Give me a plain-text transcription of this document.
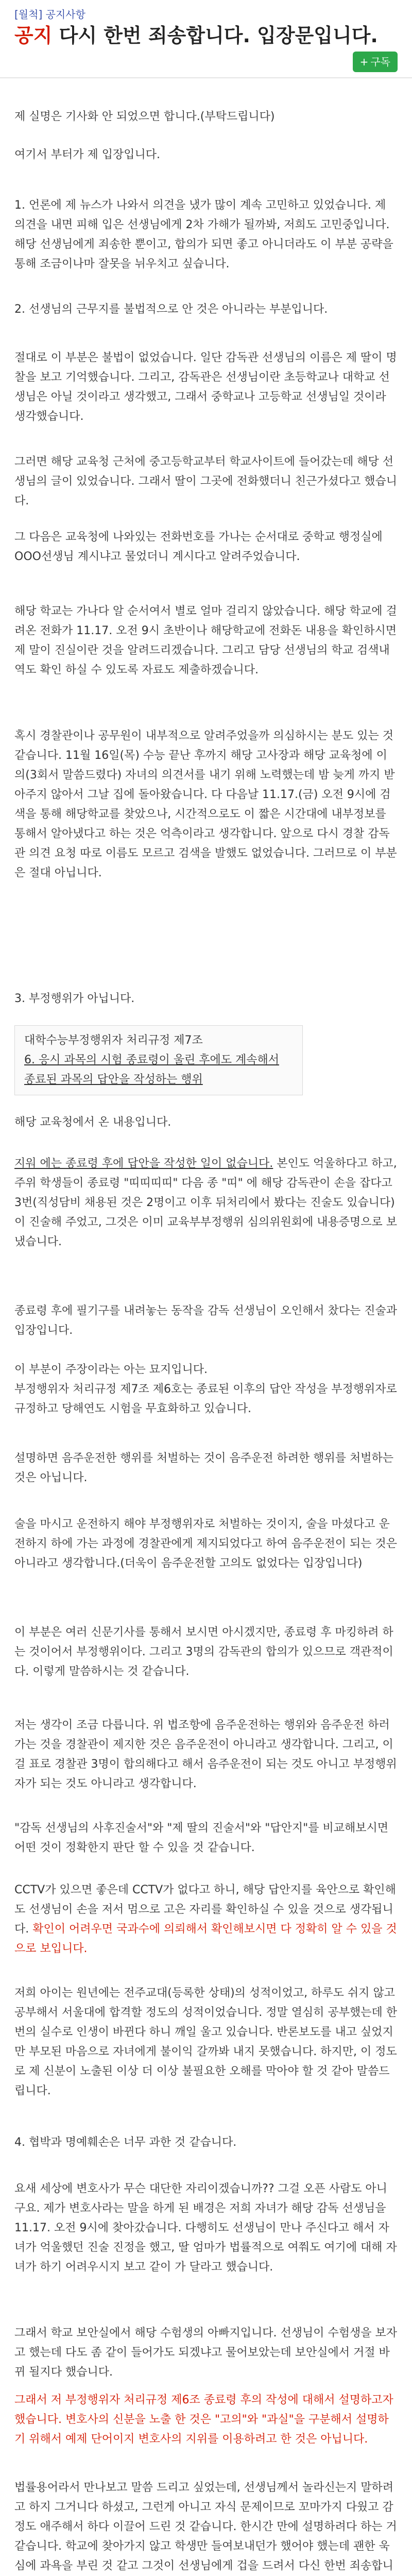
[월척] 공지사항
공지 다시 한번 죄송합니다. 입장문입니다.
+ 구독
제 실명은 기사화 안 되었으면 합니다.(부탁드립니다)
여기서 부터가 제 입장입니다.
1. 언론에 제 뉴스가 나와서 의견을 냈가 많이 계속 고민하고 있었습니다. 제 의견을 내면 피해 입은 선생님에게 2차 가해가 될까봐, 저희도 고민중입니다. 해당 선생님에게 죄송한 뿐이고, 합의가 되면 좋고 아니더라도 이 부분 공략을 통해 조금이나마 잘못을 뉘우치고 싶습니다.
2. 선생님의 근무지를 불법적으로 안 것은 아니라는 부분입니다.
절대로 이 부분은 불법이 없었습니다. 일단 감독관 선생님의 이름은 제 딸이 명찰을 보고 기억했습니다. 그리고, 감독관은 선생님이란 초등학교나 대학교 선생님은 아닐 것이라고 생각했고, 그래서 중학교나 고등학교 선생님일 것이라 생각했습니다.
그러면 해당 교육청 근처에 중고등학교부터 학교사이트에 들어갔는데 해당 선생님의 글이 있었습니다. 그래서 딸이 그곳에 전화했더니 친근가셨다고 했습니다.
그 다음은 교육청에 나와있는 전화번호를 가나는 순서대로 중학교 행정실에 OOO선생님 계시냐고 물었더니 계시다고 알려주었습니다.
해당 학교는 가나다 알 순서여서 별로 얼마 걸리지 않았습니다. 해당 학교에 걸려온 전화가 11.17. 오전 9시 초반이나 해당학교에 전화돈 내용을 확인하시면 제 말이 진실이란 것을 알려드리겠습니다. 그리고 담당 선생님의 학교 검색내역도 확인 하실 수 있도록 자료도 제출하겠습니다.
혹시 경찰관이나 공무원이 내부적으로 알려주었을까 의심하시는 분도 있는 것 같습니다. 11월 16일(목) 수능 끝난 후까지 해당 고사장과 해당 교육청에 이의(3회서 말씀드렸다) 자녀의 의견서를 내기 위해 노력했는데 밤 늦게 까지 받아주지 않아서 그날 집에 돌아왔습니다. 다 다음날 11.17.(금) 오전 9시에 검색을 통해 해당학교를 찾았으나, 시간적으로도 이 짧은 시간대에 내부정보를 통해서 알아냈다고 하는 것은 억측이라고 생각합니다. 앞으로 다시 경찰 감독관 의견 요청 따로 이름도 모르고 검색을 발했도 없었습니다. 그러므로 이 부분은 절대 아닙니다.
3. 부정행위가 아닙니다.
대학수능부정행위자 처리규정 제7조
6. 응시 과목의 시험 종료령이 울린 후에도 계속해서 종료된 과목의 답안을 작성하는 행위
해당 교육청에서 온 내용입니다.
지워 에는 종료령 후에 답안을 작성한 일이 없습니다. 본인도 억울하다고 하고, 주위 학생들이 종료령 "띠띠띠띠" 다음 종 "띠" 에 해당 감독관이 손을 잡다고 3번(직성담비 채용된 것은 2명이고 이후 뒤처리에서 봤다는 진술도 있습니다)이 진술해 주었고, 그것은 이미 교육부부정행위 심의위원회에 내용증명으로 보냈습니다.
종료령 후에 필기구를 내려놓는 동작을 감독 선생님이 오인해서 찼다는 진술과 입장입니다.
이 부분이 주장이라는 아는 묘지입니다.
부정행위자 처리규정 제7조 제6호는 종료된 이후의 답안 작성을 부정행위자로 규정하고 당해연도 시험을 무효화하고 있습니다.
설명하면 음주운전한 행위를 처벌하는 것이 음주운전 하려한 행위를 처벌하는 것은 아닙니다.
술을 마시고 운전하지 해야 부정행위자로 처벌하는 것이지, 술을 마셨다고 운전하지 하에 가는 과정에 경찰관에게 제지되었다고 하여 음주운전이 되는 것은 아니라고 생각합니다.(더욱이 음주운전할 고의도 없었다는 입장입니다)
이 부분은 여러 신문기사를 통해서 보시면 아시겠지만, 종료령 후 마킹하려 하는 것이어서 부정행위이다. 그리고 3명의 감독관의 합의가 있으므로 객관적이다. 이렇게 말씀하시는 것 같습니다.
저는 생각이 조금 다릅니다. 위 법조항에 음주운전하는 행위와 음주운전 하러 가는 것을 경찰관이 제지한 것은 음주운전이 아니라고 생각합니다. 그리고, 이걸 표로 경찰관 3명이 합의해다고 해서 음주운전이 되는 것도 아니고 부정행위자가 되는 것도 아니라고 생각합니다.
"감독 선생님의 사후진술서"와 "제 딸의 진술서"와 "답안지"를 비교해보시면 어떤 것이 정확한지 판단 할 수 있을 것 같습니다.
CCTV가 있으면 좋은데 CCTV가 없다고 하니, 해당 답안지를 육안으로 확인해도 선생님이 손을 저서 멈으로 고은 자리를 확인하실 수 있을 것으로 생각됩니다. 확인이 어려우면 국과수에 의뢰해서 확인해보시면 다 정확히 알 수 있을 것으로 보입니다.
저희 아이는 원년에는 전주교대(등록한 상태)의 성적이었고, 하루도 쉬지 않고 공부해서 서울대에 합격할 정도의 성적이었습니다. 정말 열심히 공부했는데 한번의 실수로 인생이 바뀐다 하니 깨일 울고 있습니다. 반론보도를 내고 싶었지만 부모된 마음으로 자녀에게 불이익 갈까봐 내지 못했습니다. 하지만, 이 정도로 제 신분이 노출된 이상 더 이상 불필요한 오해를 막아야 할 것 같아 말씀드립니다.
4. 협박과 명예훼손은 너무 과한 것 같습니다.
요새 세상에 변호사가 무슨 대단한 자리이겠습니까?? 그걸 오픈 사람도 아니구요. 제가 변호사라는 말을 하게 된 배경은 저희 자녀가 해당 감독 선생님을 11.17. 오전 9시에 찾아갔습니다. 다행히도 선생님이 만나 주신다고 해서 자녀가 억울했던 진술 진정을 했고, 딸 엄마가 법률적으로 여쭤도 여기에 대해 자녀가 하기 어려우시지 보고 같이 가 달라고 했습니다.
그래서 학교 보안실에서 해당 수험생의 아빠지입니다. 선생님이 수험생을 보자고 했는데 다도 좀 같이 들어가도 되겠냐고 물어보았는데 보안실에서 거절 바뀌 될지다 했습니다.
그래서 저 부정행위자 처리규정 제6조 종료령 후의 작성에 대해서 설명하고자 했습니다. 변호사의 신분을 노출 한 것은 "고의"와 "과실"을 구분해서 설명하기 위해서 예제 단어이지 변호사의 지위를 이용하려고 한 것은 아닙니다.
법률용어라서 만나보고 말씀 드리고 싶었는데, 선생님께서 놀라신는지 말하려고 하지 그거니다 하셨고, 그런게 아니고 자식 문제이므로 꼬마가지 다웠고 감정도 애주해서 하다 이끌어 드린 것 같습니다. 한시간 만에 설명하려다 하는 거 같습니다. 학교에 찾아가지 않고 학생만 들여보내던가 했어야 했는데 괜한 욱심에 과욕을 부린 것 같고 그것이 선생님에게 겁을 드려서 다신 한번 죄송합니
